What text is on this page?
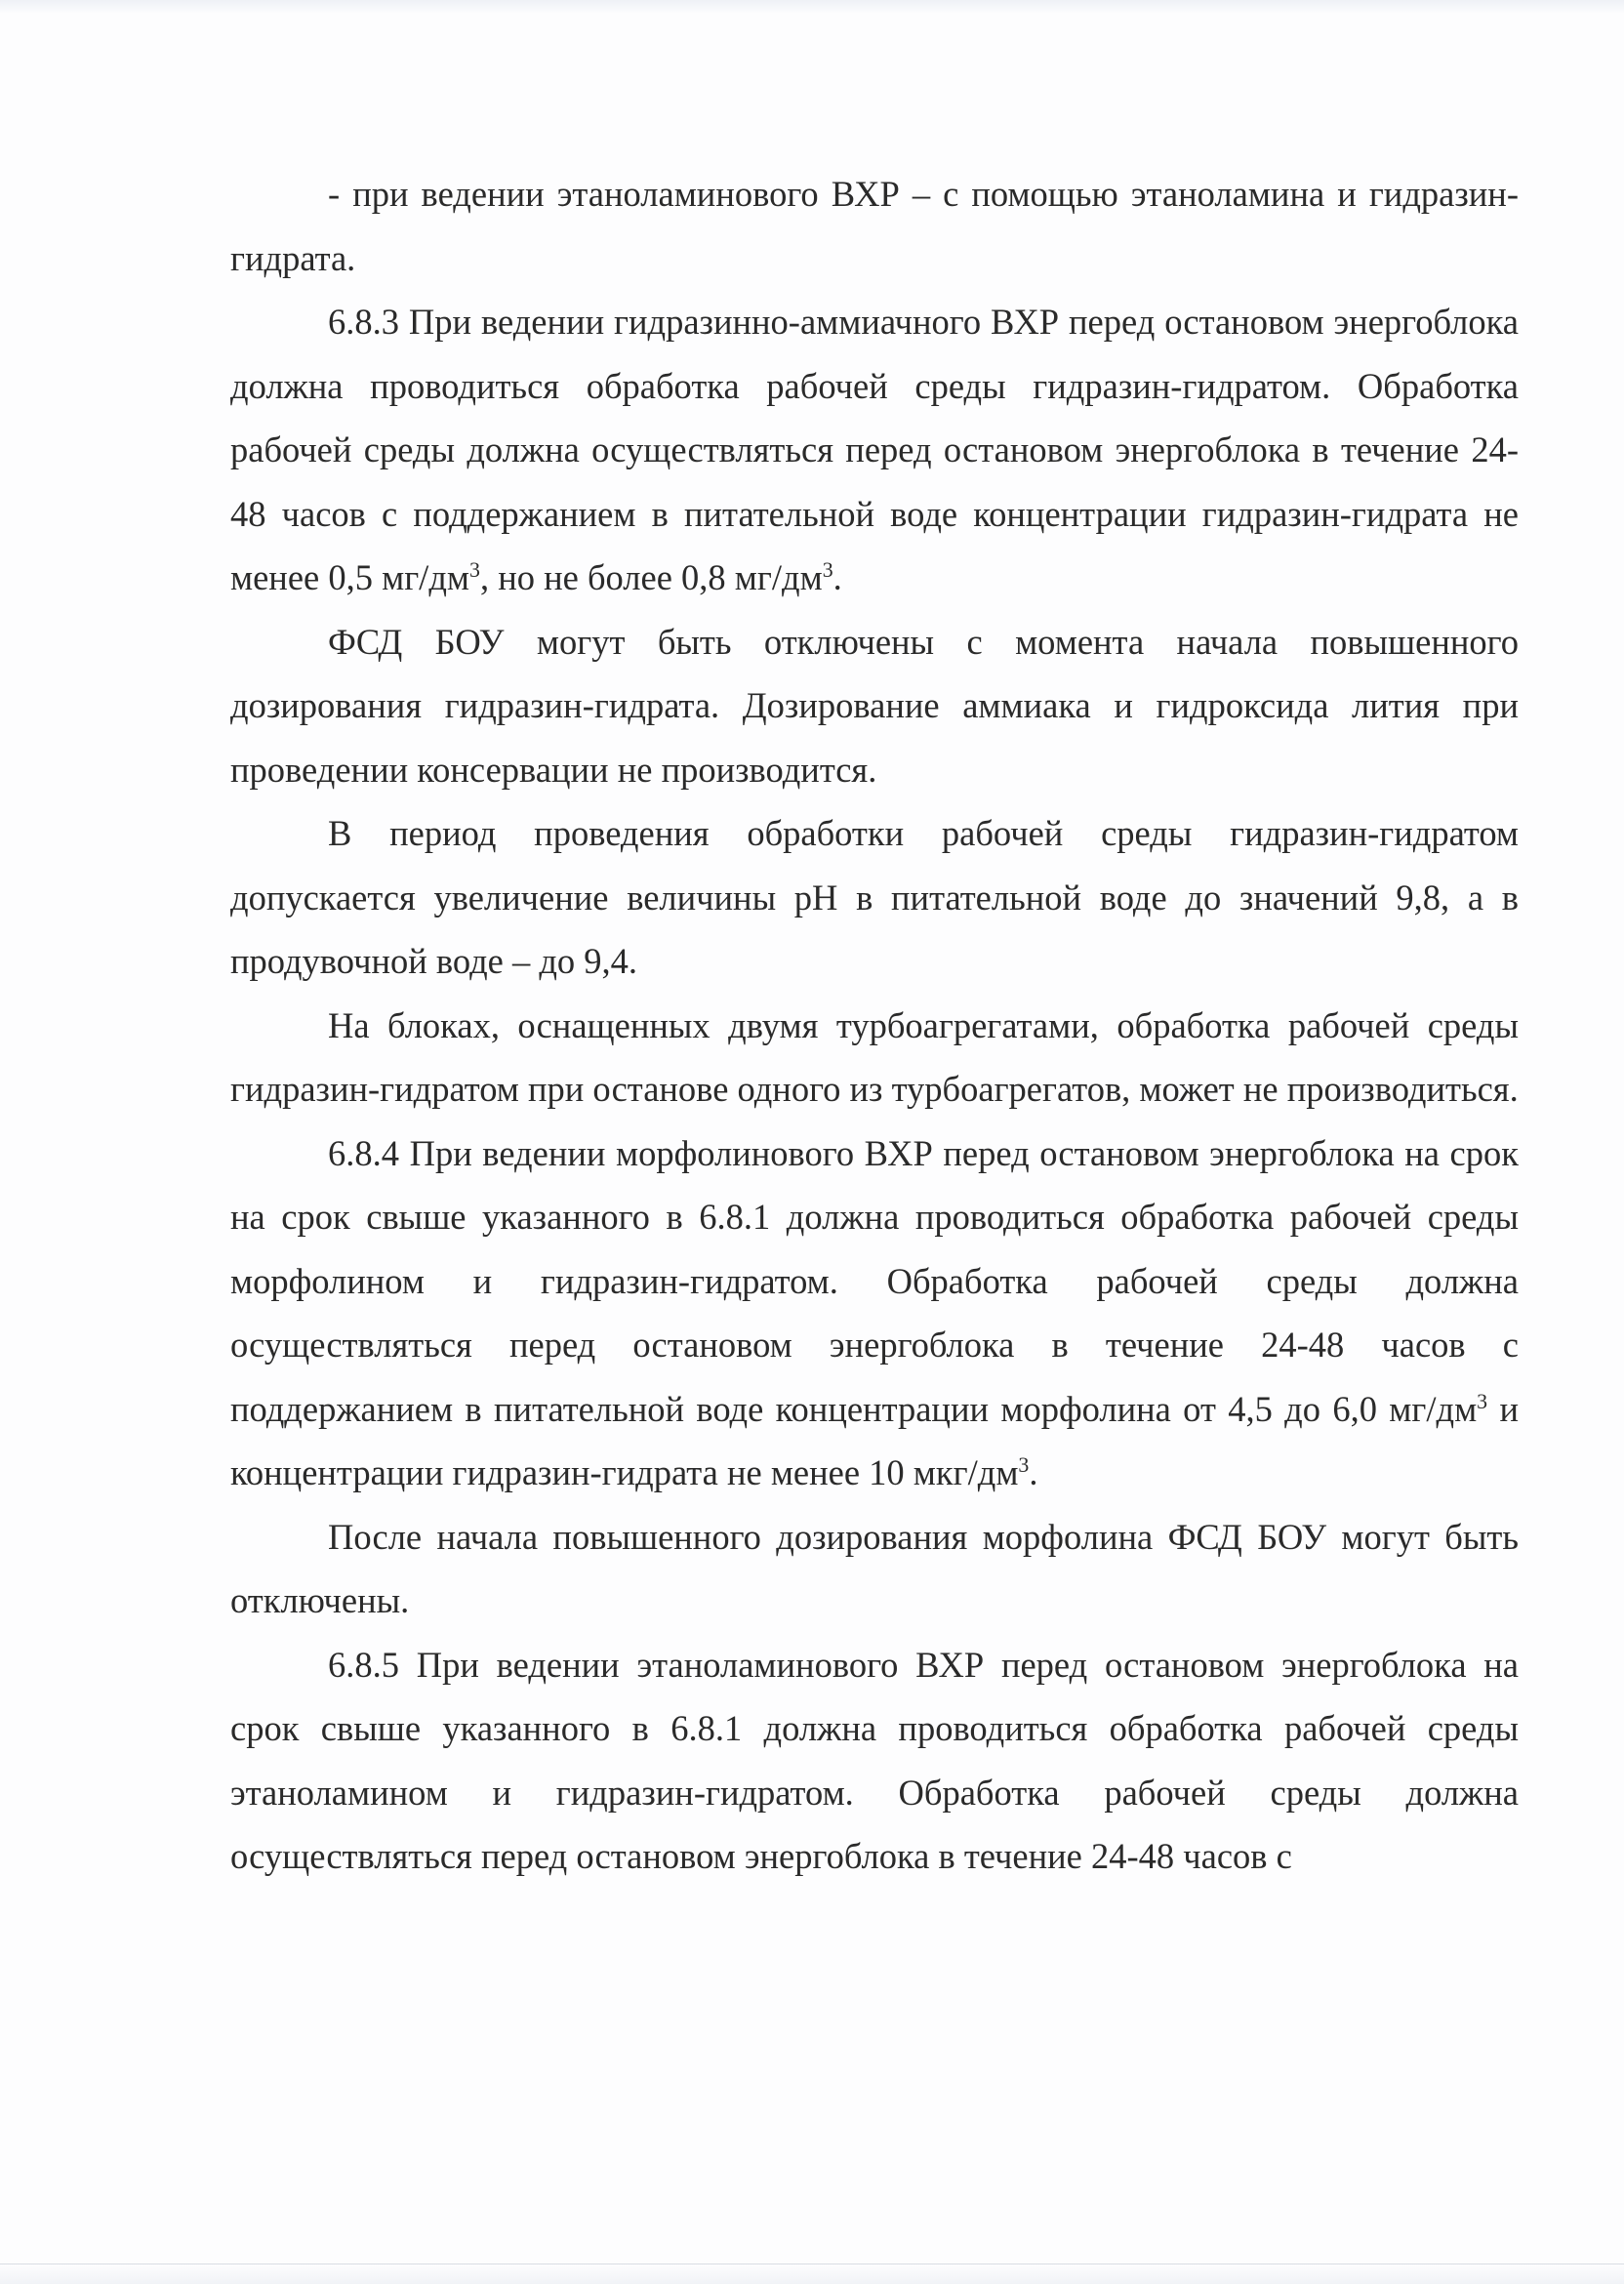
- при ведении этаноламинового ВХР – с помощью этаноламина и гидразин-гидрата.

6.8.3 При ведении гидразинно-аммиачного ВХР перед остановом энергоблока должна проводиться обработка рабочей среды гидразин-гидратом. Обработка рабочей среды должна осуществляться перед остановом энергоблока в течение 24-48 часов с поддержанием в питательной воде концентрации гидразин-гидрата не менее 0,5 $мг/дм^3$, но не более 0,8 $мг/дм^3$.

ФСД БОУ могут быть отключены с момента начала повышенного дозирования гидразин-гидрата. Дозирование аммиака и гидроксида лития при проведении консервации не производится.

В период проведения обработки рабочей среды гидразин-гидратом допускается увеличение величины pH в питательной воде до значений 9,8, а в продувочной воде – до 9,4.

На блоках, оснащенных двумя турбоагрегатами, обработка рабочей среды гидразин-гидратом при останове одного из турбоагрегатов, может не производиться.

6.8.4 При ведении морфолинового ВХР перед остановом энергоблока на срок на срок свыше указанного в 6.8.1 должна проводиться обработка рабочей среды морфолином и гидразин-гидратом. Обработка рабочей среды должна осуществляться перед остановом энергоблока в течение 24-48 часов с поддержанием в питательной воде концентрации морфолина от 4,5 до 6,0 $мг/дм^3$ и концентрации гидразин-гидрата не менее 10 мкг/$дм^3$.

После начала повышенного дозирования морфолина ФСД БОУ могут быть отключены.

6.8.5 При ведении этаноламинового ВХР перед остановом энергоблока на срок свыше указанного в 6.8.1 должна проводиться обработка рабочей среды этаноламином и гидразин-гидратом. Обработка рабочей среды должна осуществляться перед остановом энергоблока в течение 24-48 часов с
